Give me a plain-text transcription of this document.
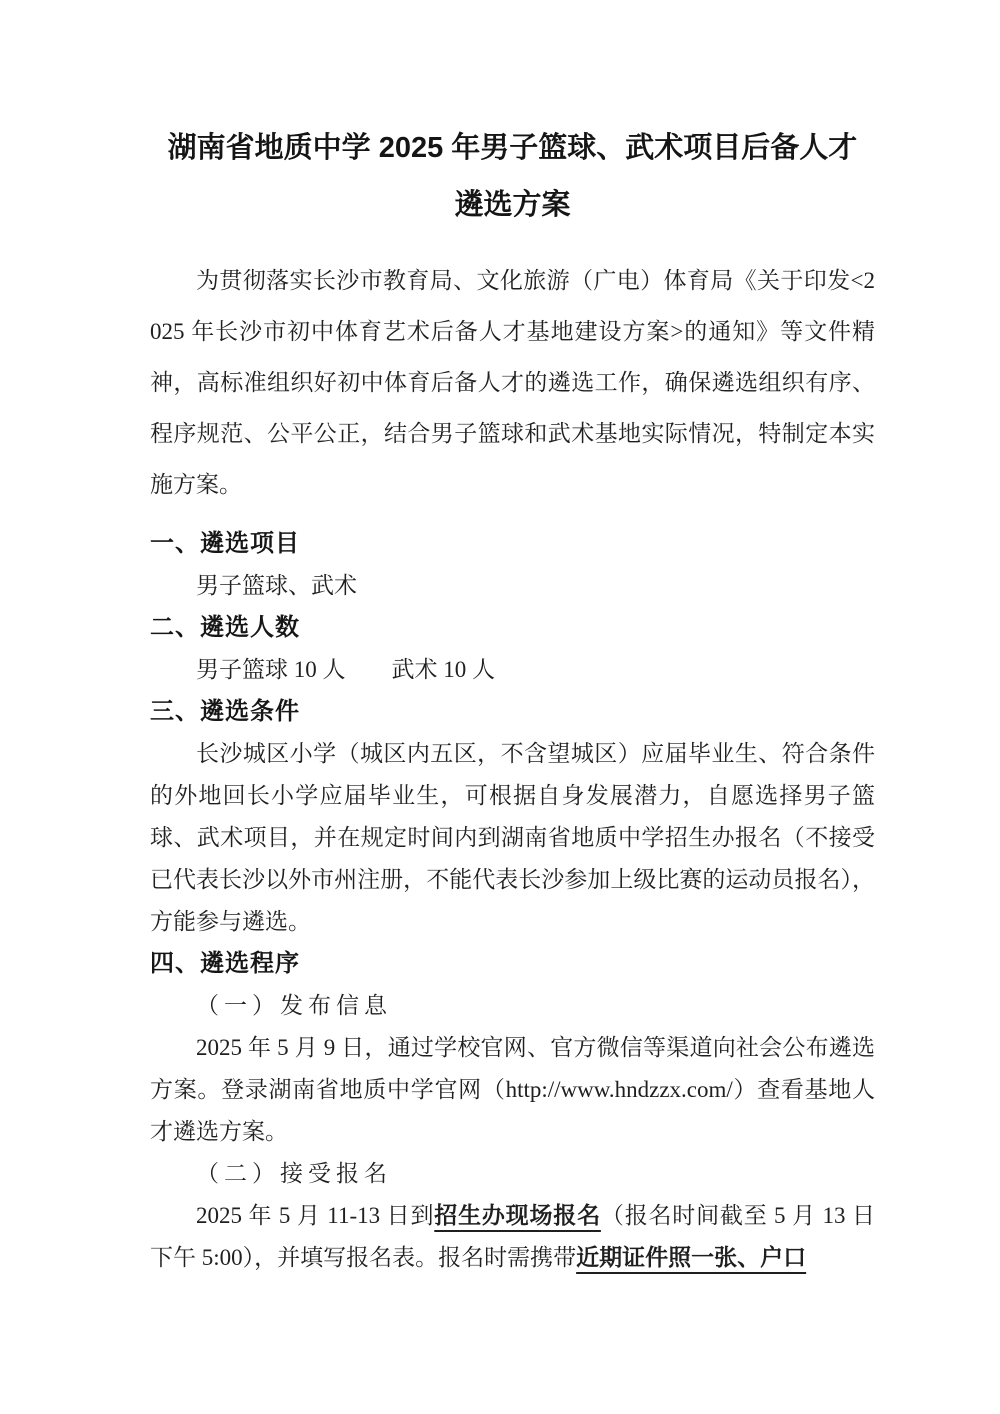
湖南省地质中学 2025 年男子篮球、武术项目后备人才
遴选方案

为贯彻落实长沙市教育局、文化旅游（广电）体育局《关于印发<2025 年长沙市初中体育艺术后备人才基地建设方案>的通知》等文件精神，高标准组织好初中体育后备人才的遴选工作，确保遴选组织有序、程序规范、公平公正，结合男子篮球和武术基地实际情况，特制定本实施方案。

一、遴选项目

男子篮球、武术

二、遴选人数

男子篮球 10 人 武术 10 人

三、遴选条件

长沙城区小学（城区内五区，不含望城区）应届毕业生、符合条件的外地回长小学应届毕业生，可根据自身发展潜力，自愿选择男子篮球、武术项目，并在规定时间内到湖南省地质中学招生办报名（不接受已代表长沙以外市州注册，不能代表长沙参加上级比赛的运动员报名），方能参与遴选。

四、遴选程序

（一）发布信息

2025 年 5 月 9 日，通过学校官网、官方微信等渠道向社会公布遴选方案。登录湖南省地质中学官网（http://www.hndzzx.com/）查看基地人才遴选方案。

（二）接受报名

2025 年 5 月 11-13 日到招生办现场报名（报名时间截至 5 月 13 日下午 5:00），并填写报名表。报名时需携带近期证件照一张、户口
